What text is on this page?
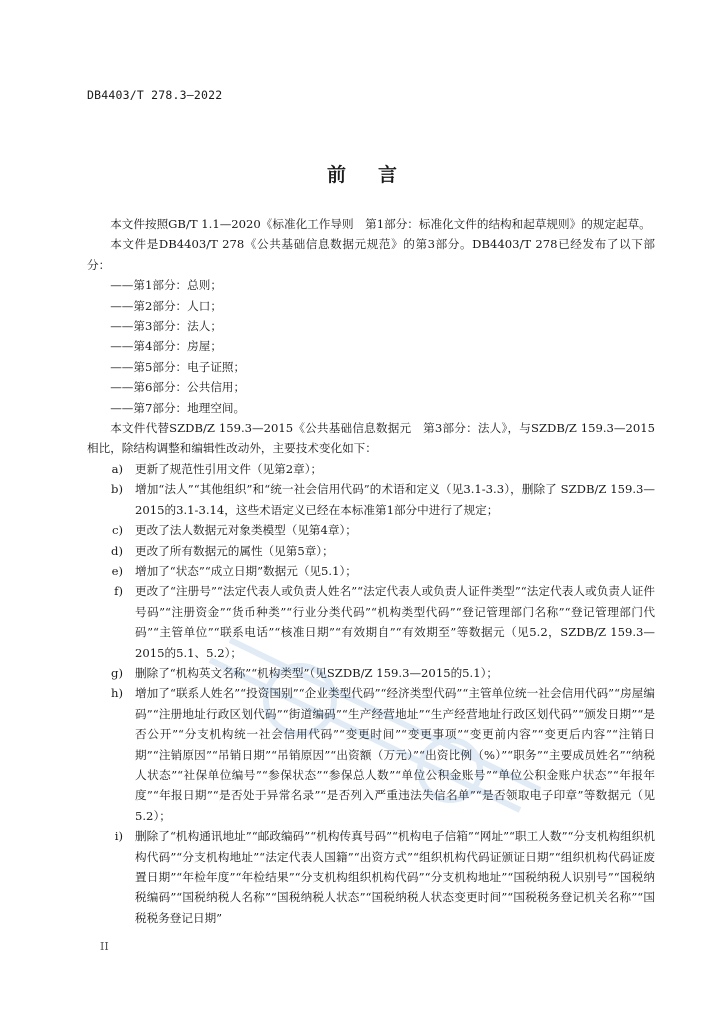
DB4403/T 278.3—2022
前言

本文件按照GB/T 1.1—2020《标准化工作导则　第1部分：标准化文件的结构和起草规则》的规定起草。

本文件是DB4403/T 278《公共基础信息数据元规范》的第3部分。DB4403/T 278已经发布了以下部分：

——第1部分：总则；

——第2部分：人口；

——第3部分：法人；

——第4部分：房屋；

——第5部分：电子证照；

——第6部分：公共信用；

——第7部分：地理空间。

本文件代替SZDB/Z 159.3—2015《公共基础信息数据元　第3部分：法人》，与SZDB/Z 159.3—2015相比，除结构调整和编辑性改动外，主要技术变化如下：

a)	更新了规范性引用文件（见第2章）；
b)	增加“法人”“其他组织”和“统一社会信用代码”的术语和定义（见3.1-3.3），删除了 SZDB/Z 159.3—2015的3.1-3.14，这些术语定义已经在本标准第1部分中进行了规定；
c)	更改了法人数据元对象类模型（见第4章）；
d)	更改了所有数据元的属性（见第5章）；
e)	增加了“状态”“成立日期”数据元（见5.1）；
f)	更改了“注册号”“法定代表人或负责人姓名”“法定代表人或负责人证件类型”“法定代表人或负责人证件号码”“注册资金”“货币种类”“行业分类代码”“机构类型代码”“登记管理部门名称”“登记管理部门代码”“主管单位”“联系电话”“核准日期”“有效期自”“有效期至”等数据元（见5.2，SZDB/Z 159.3—2015的5.1、5.2）；
g)	删除了“机构英文名称”“机构类型”（见SZDB/Z 159.3—2015的5.1）；
h)	增加了“联系人姓名”“投资国别”“企业类型代码”“经济类型代码”“主管单位统一社会信用代码”“房屋编码”“注册地址行政区划代码”“街道编码”“生产经营地址”“生产经营地址行政区划代码”“颁发日期”“是否公开”“分支机构统一社会信用代码”“变更时间”“变更事项”“变更前内容”“变更后内容”“注销日期”“注销原因”“吊销日期”“吊销原因”“出资额（万元）”“出资比例（%）”“职务”“主要成员姓名”“纳税人状态”“社保单位编号”“参保状态”“参保总人数”“单位公积金账号”“单位公积金账户状态”“年报年度”“年报日期”“是否处于异常名录”“是否列入严重违法失信名单”“是否领取电子印章”等数据元（见5.2）；
i)	删除了“机构通讯地址”“邮政编码”“机构传真号码”“机构电子信箱”“网址”“职工人数”“分支机构组织机构代码”“分支机构地址”“法定代表人国籍”“出资方式”“组织机构代码证颁证日期”“组织机构代码证废置日期”“年检年度”“年检结果”“分支机构组织机构代码”“分支机构地址”“国税纳税人识别号”“国税纳税编码”“国税纳税人名称”“国税纳税人状态”“国税纳税人状态变更时间”“国税税务登记机关名称”“国税税务登记日期”
II
